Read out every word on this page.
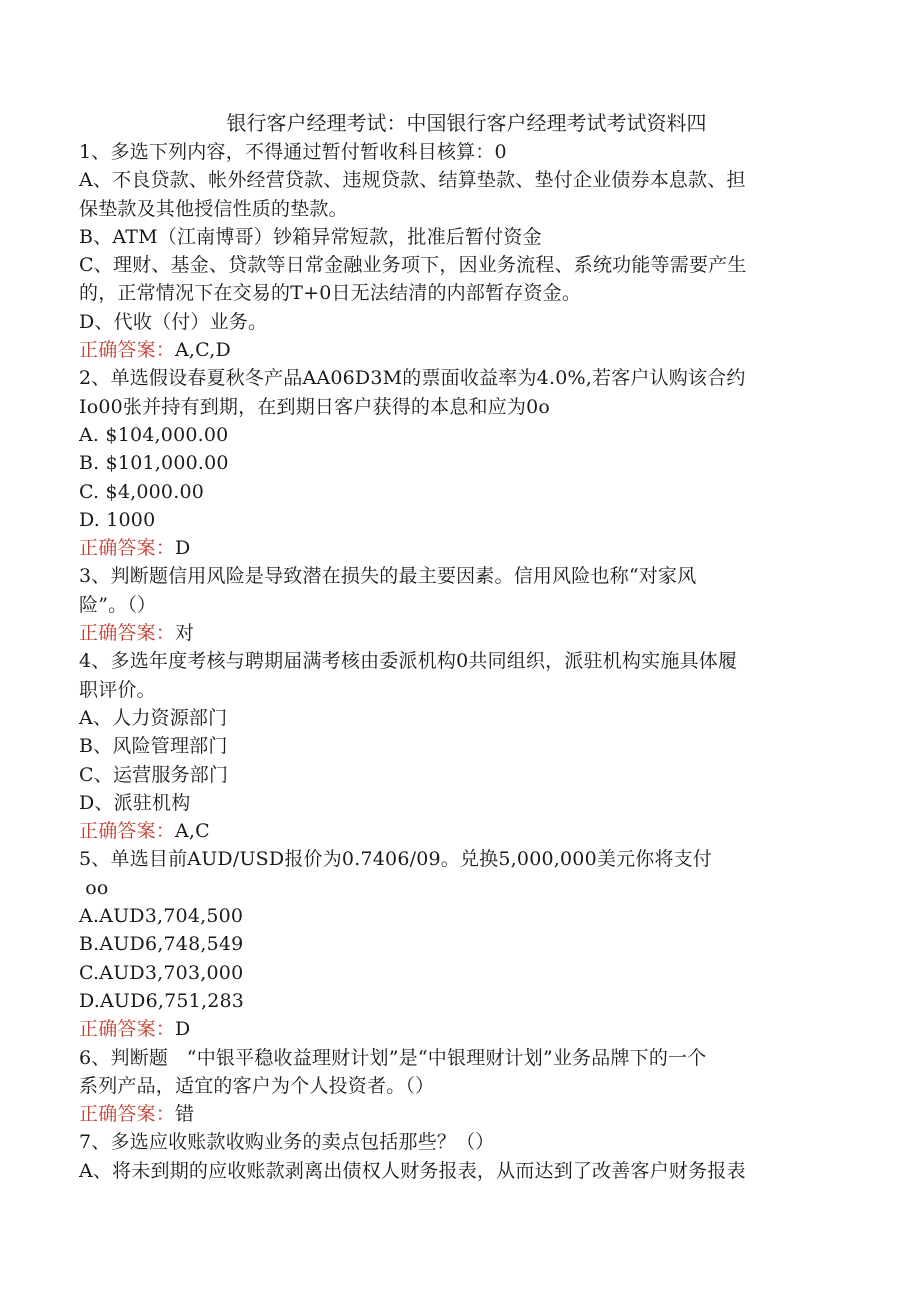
银行客户经理考试：中国银行客户经理考试考试资料四

1、多选下列内容，不得通过暂付暂收科目核算：0

A、不良贷款、帐外经营贷款、违规贷款、结算垫款、垫付企业债券本息款、担

保垫款及其他授信性质的垫款。

B、ATM（江南博哥）钞箱异常短款，批准后暂付资金

C、理财、基金、贷款等日常金融业务项下，因业务流程、系统功能等需要产生

的，正常情况下在交易的T+0日无法结清的内部暂存资金。

D、代收（付）业务。

正确答案：A,C,D

2、单选假设春夏秋冬产品AA06D3M的票面收益率为4.0%,若客户认购该合约

Io00张并持有到期，在到期日客户获得的本息和应为0o

A. $104,000.00

B. $101,000.00

C. $4,000.00

D. 1000

正确答案：D

3、判断题信用风险是导致潜在损失的最主要因素。信用风险也称“对家风

险”。（）

正确答案：对

4、多选年度考核与聘期届满考核由委派机构0共同组织，派驻机构实施具体履

职评价。

A、人力资源部门

B、风险管理部门

C、运营服务部门

D、派驻机构

正确答案：A,C

5、单选目前AUD/USD报价为0.7406/09。兑换5,000,000美元你将支付

oo

A.AUD3,704,500

B.AUD6,748,549

C.AUD3,703,000

D.AUD6,751,283

正确答案：D

6、判断题   “中银平稳收益理财计划”是“中银理财计划”业务品牌下的一个

系列产品，适宜的客户为个人投资者。（）

正确答案：错

7、多选应收账款收购业务的卖点包括那些？（）

A、将未到期的应收账款剥离出债权人财务报表，从而达到了改善客户财务报表
